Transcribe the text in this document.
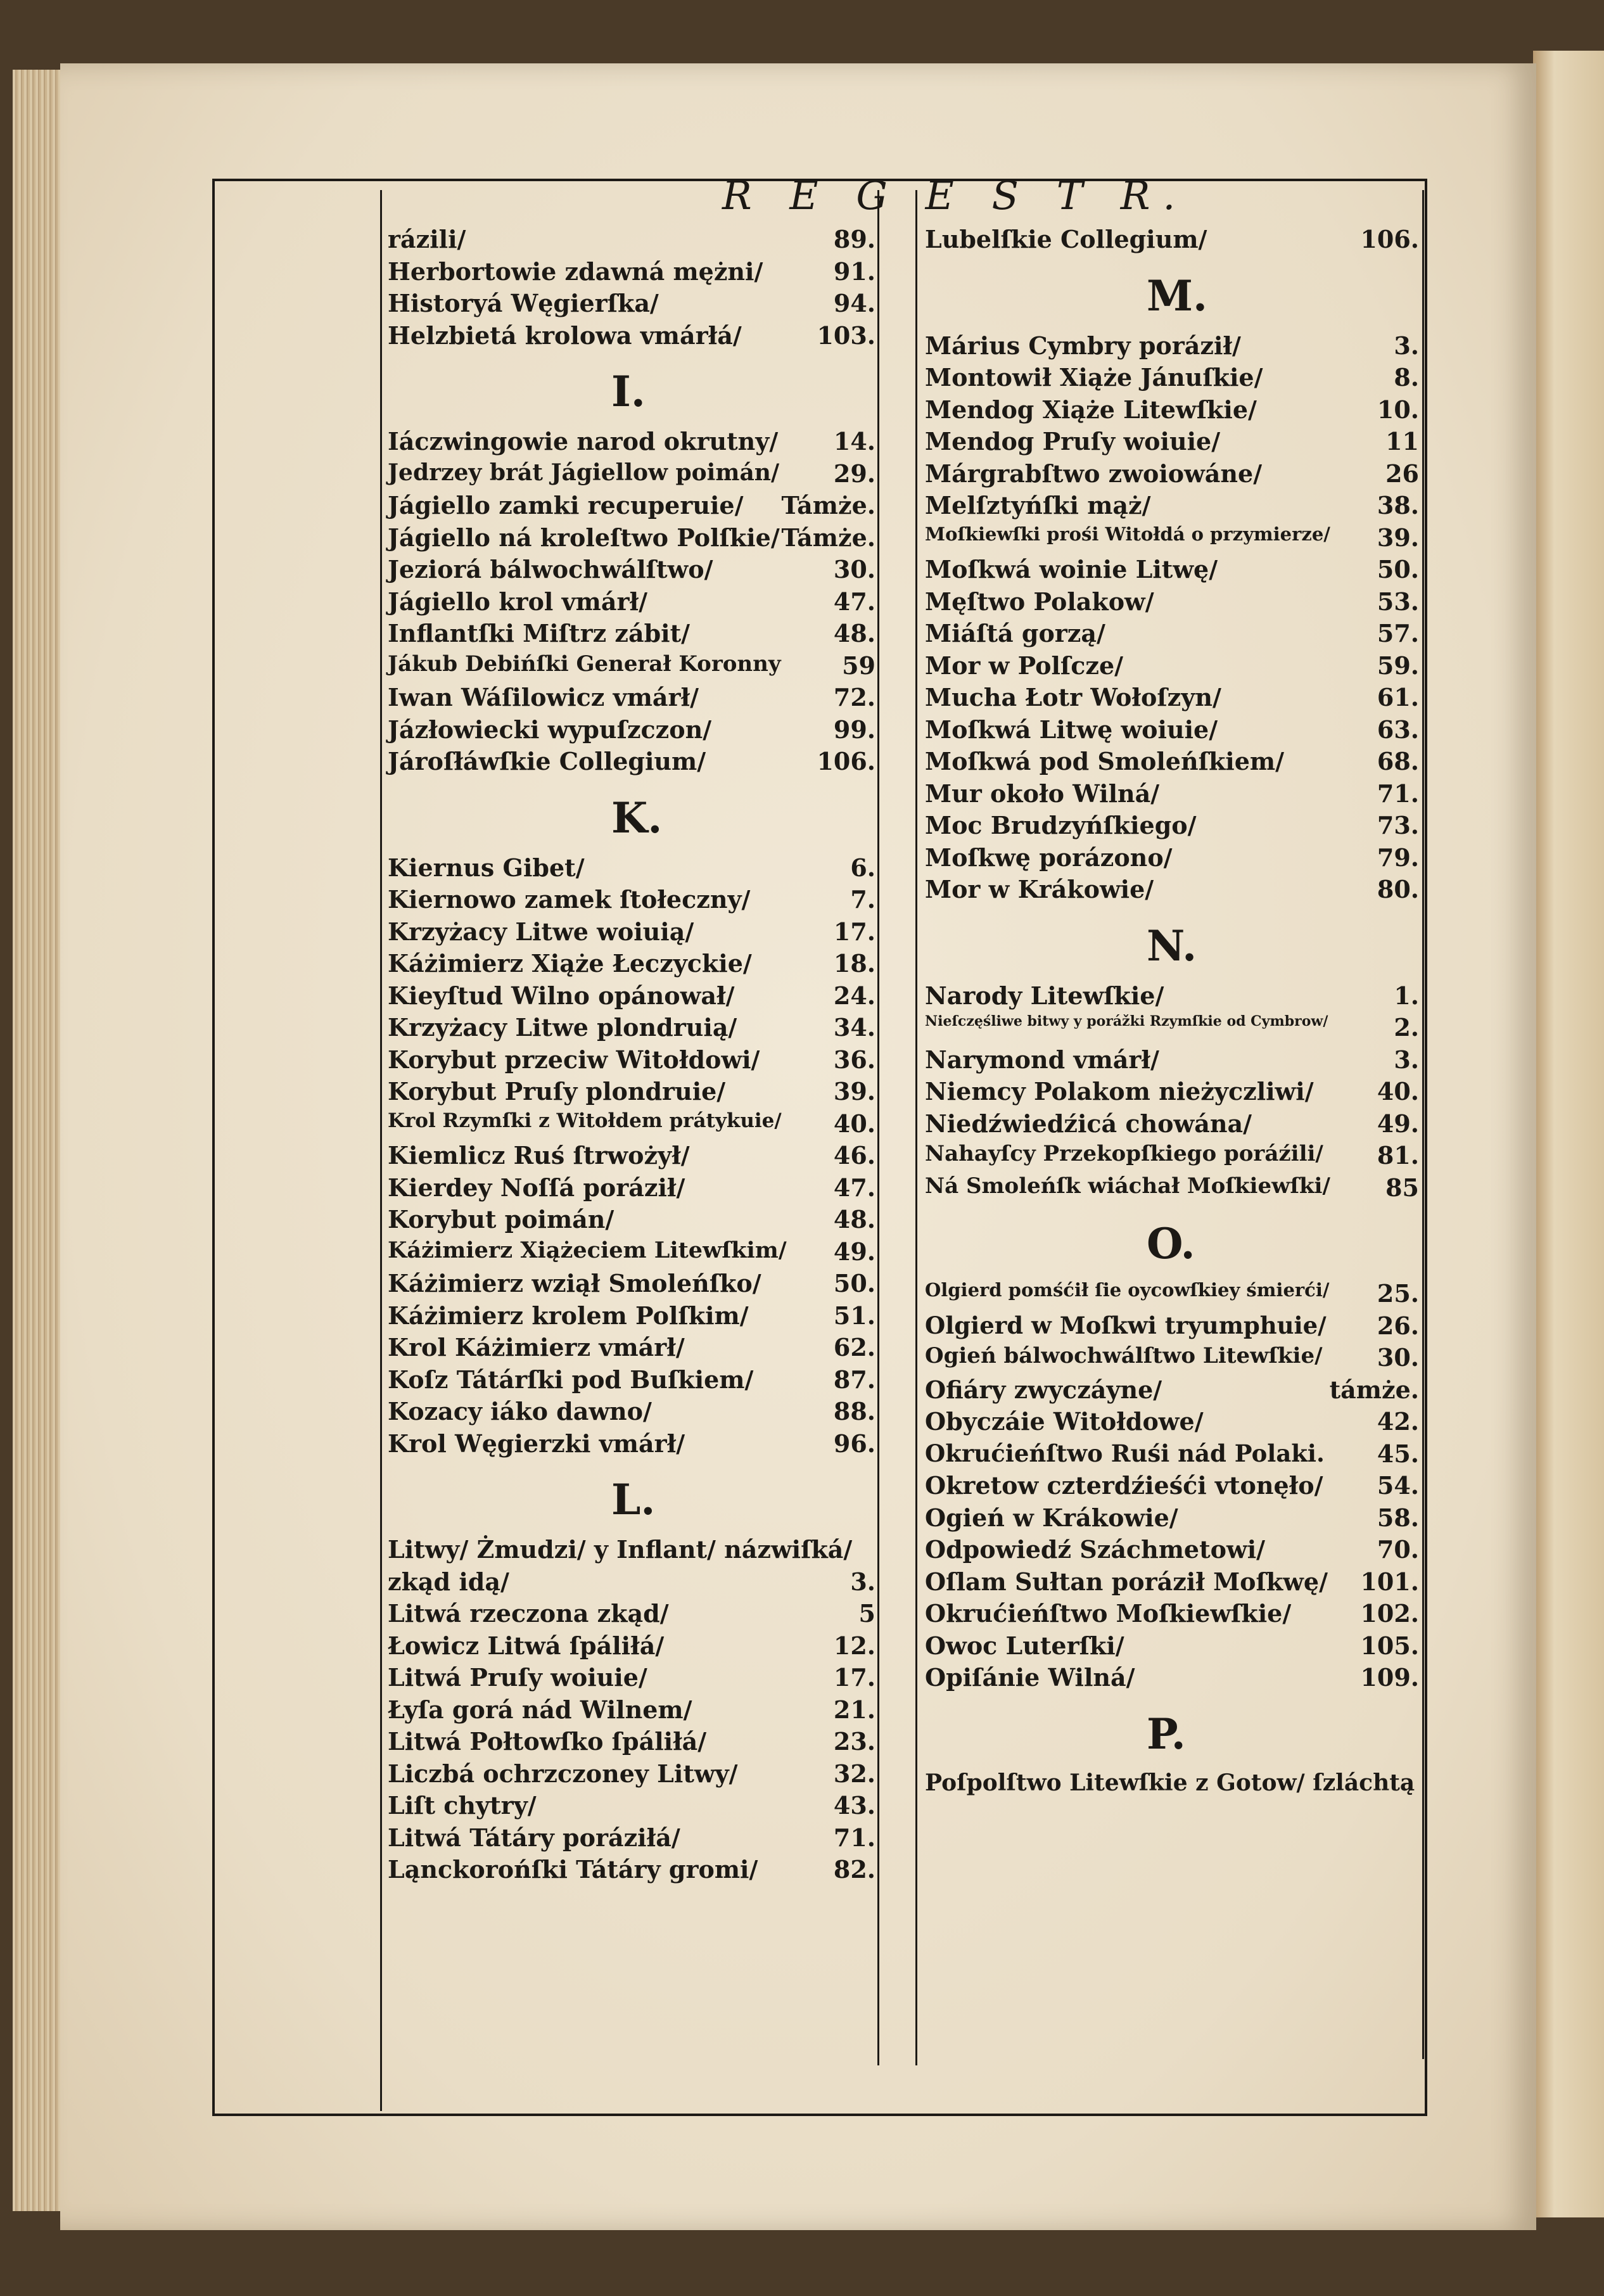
R E G E S T R.
rázili/	89.
Herbortowie zdawná mężni/	91.
Historyá Węgierſka/	94.
Helzbietá krolowa vmárłá/	103.
I.
Iáczwingowie narod okrutny/ 14.
Jedrzey brát Jágiellow poimán/ 29.
Jágiello zamki recuperuie/ Támże.
Jágiello ná kroleſtwo Polſkie/ Támże.
Jeziorá bálwochwálſtwo/	30.
Jágiello krol vmárł/	47.
Inflantſki Miſtrz zábit/	48.
Jákub Debińſki Generał Koronny	59
Iwan Wáſilowicz vmárł/	72.
Jázłowiecki wypuſzczon/	99.
Jároſłáwſkie Collegium/	106.
K.
Kiernus Gibet/	6.
Kiernowo zamek ſtołeczny/	7.
Krzyżacy Litwe woiuią/	17.
Káżimierz Xiąże Łeczyckie/	18.
Kieyſtud Wilno opánował/	24.
Krzyżacy Litwe plondruią/	34.
Korybut przeciw Witołdowi/	36.
Korybut Pruſy plondruie/	39.
Krol Rzymſki z Witołdem prátykuie/ 40.
Kiemlicz Ruś ſtrwożył/	46.
Kierdey Noſſá poráził/	47.
Korybut poimán/	48.
Káżimierz Xiążeciem Litewſkim/ 49.
Káżimierz wziął Smoleńſko/	50.
Káżimierz krolem Polſkim/	51.
Krol Káżimierz vmárł/	62.
Koſz Tátárſki pod Buſkiem/	87.
Kozacy iáko dawno/	88.
Krol Węgierzki vmárł/	96.
L.
Litwy/ Żmudzi/ y Inflant/ názwiſká/
zkąd idą/	3.
Litwá rzeczona zkąd/	5
Łowicz Litwá ſpáliłá/	12.
Litwá Pruſy woiuie/	17.
Łyſa gorá nád Wilnem/	21.
Litwá Połtowſko ſpáliłá/	23.
Liczbá ochrzczoney Litwy/	32.
Liſt chytry/	43.
Litwá Tátáry poráziłá/	71.
Ląnckorońſki Tátáry gromi/	82.
Lubelſkie Collegium/	106.
M.
Márius Cymbry poráził/	3.
Montowił Xiąże Jánuſkie/	8.
Mendog Xiąże Litewſkie/	10.
Mendog Pruſy woiuie/	11
Márgrabſtwo zwoiowáne/	26
Melſztyńſki mąż/	38.
Moſkiewſki prośi Witołdá o przymierze/ 39.
Moſkwá woinie Litwę/	50.
Męſtwo Polakow/	53.
Miáſtá gorzą/	57.
Mor w Polſcze/	59.
Mucha Łotr Wołoſzyn/	61.
Moſkwá Litwę woiuie/	63.
Moſkwá pod Smoleńſkiem/	68.
Mur około Wilná/	71.
Moc Brudzyńſkiego/	73.
Moſkwę porázono/	79.
Mor w Krákowie/	80.
N.
Narody Litewſkie/	1.
Nieſczęśliwe bitwy y porážki Rzymſkie od Cymbrow/	2.
Narymond vmárł/	3.
Niemcy Polakom nieżyczliwi/	40.
Niedźwiedźicá chowána/	49.
Nahayſcy Przekopſkiego poráźili/ 81.
Ná Smoleńſk wiáchał Moſkiewſki/ 85
O.
Olgierd pomśćił ſie oycowſkiey śmierći/ 25.
Olgierd w Moſkwi tryumphuie/ 26.
Ogień bálwochwálſtwo Litewſkie/ 30.
Ofiáry zwyczáyne/	támże.
Obyczáie Witołdowe/	42.
Okrućieńſtwo Ruśi nád Polaki. 45.
Okretow czterdźieśći vtonęło/ 54.
Ogień w Krákowie/	58.
Odpowiedź Száchmetowi/	70.
Oſlam Sułtan poráził Moſkwę/ 101.
Okrućieńſtwo Moſkiewſkie/	102.
Owoc Luterſki/	105.
Opiſánie Wilná/	109.
P.
Poſpolſtwo Litewſkie z Gotow/ ſzláchtą
